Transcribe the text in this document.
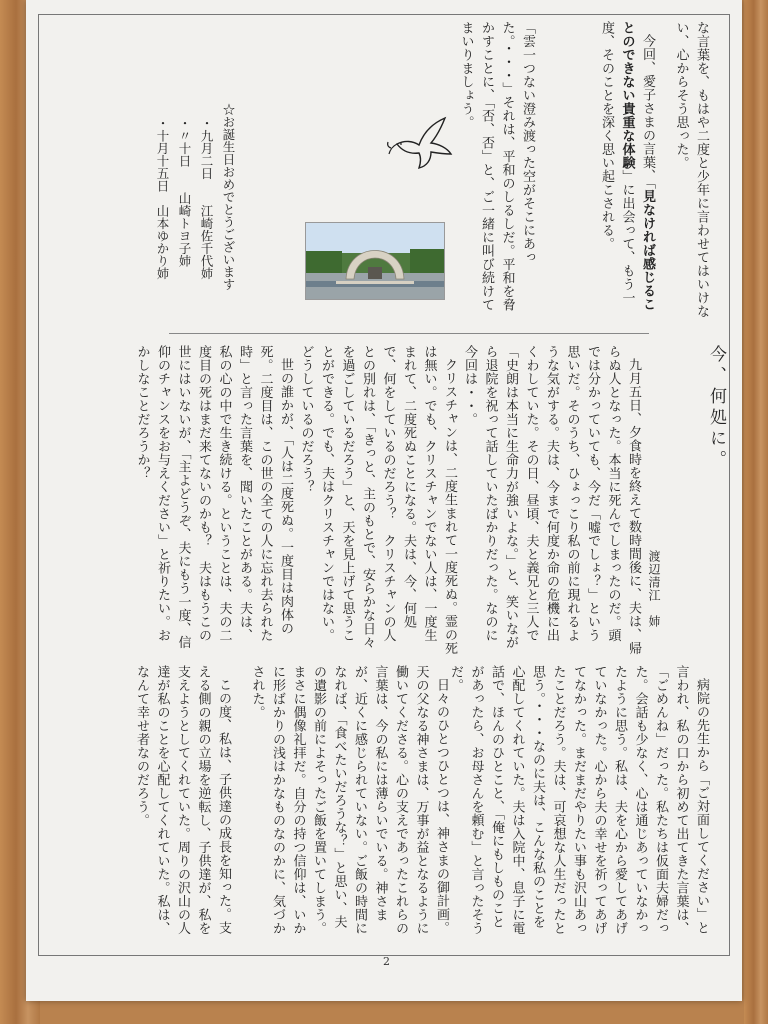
な言葉を、もはや二度と少年に言わせてはいけない、心からそう思った。

今回、愛子さまの言葉、「見なければ感じることのできない貴重な体験」に出会って、もう一度、そのことを深く思い起こされる。

「雲一つない澄み渡った空がそこにあった。・・・」それは、平和のしるしだ。平和を脅かすことに、「否、否」と、ご一緒に叫び続けてまいりましょう。

☆お誕生日おめでとうございます
・九月二日　　江崎佐千代姉
・〃十日　　山崎トヨ子姉
・十月十五日　山本ゆかり姉
今、何処に。
渡辺清江　姉

九月五日、夕食時を終えて数時間後に、夫は、帰らぬ人となった。本当に死んでしまったのだ。頭では分かっていても、今だ「嘘でしょ？」という思いだ。そのうち、ひょっこり私の前に現れるような気がする。夫は、今まで何度か命の危機に出くわしていた。その日、昼頃、夫と義兄と三人で「史朗は本当に生命力が強いよな。」と、笑いながら退院を祝って話していたばかりだった。なのに今回は・・。

クリスチャンは、二度生まれて一度死ぬ。霊の死は無い。でも、クリスチャンでない人は、一度生まれて、二度死ぬことになる。夫は、今、何処で、何をしているのだろう？　クリスチャンの人との別れは、「きっと、主のもとで、安らかな日々を過ごしているだろう」と、天を見上げて思うことができる。でも、夫はクリスチャンではない。どうしているのだろう？

世の誰かが、「人は二度死ぬ。一度目は肉体の死。二度目は、この世の全ての人に忘れ去られた時」と言った言葉を、聞いたことがある。夫は、私の心の中で生き続ける。ということは、夫の二度目の死はまだ来てないのかも？　夫はもうこの世にはいないが、「主よどうぞ、夫にもう一度、信仰のチャンスをお与えください」と祈りたい。おかしなことだろうか？

病院の先生から「ご対面してください」と言われ、私の口から初めて出てきた言葉は、「ごめんね」だった。私たちは仮面夫婦だった。会話も少なく、心は通じあっていなかったように思う。私は、夫を心から愛してあげていなかった。心から夫の幸せを祈ってあげてなかった。まだまだやりたい事も沢山あったことだろう。夫は、可哀想な人生だったと思う。・・・なのに夫は、こんな私のことを心配してくれていた。夫は入院中、息子に電話で、ほんのひとこと、「俺にもしものことがあったら、お母さんを頼む」と言ったそうだ。

日々のひとつひとつは、神さまの御計画。天の父なる神さまは、万事が益となるように働いてくださる。心の支えであったこれらの言葉は、今の私には薄らいでいる。神さまが、近くに感じられていない。ご飯の時間になれば、「食べたいだろうな？」と思い、夫の遺影の前によそったご飯を置いてしまう。まさに偶像礼拝だ。自分の持つ信仰は、いかに形ばかりの浅はかなものなのかに、気づかされた。

この度、私は、子供達の成長を知った。支える側の親の立場を逆転し、子供達が、私を支えようとしてくれていた。周りの沢山の人達が私のことを心配してくれていた。私は、なんて幸せ者なのだろう。

2
